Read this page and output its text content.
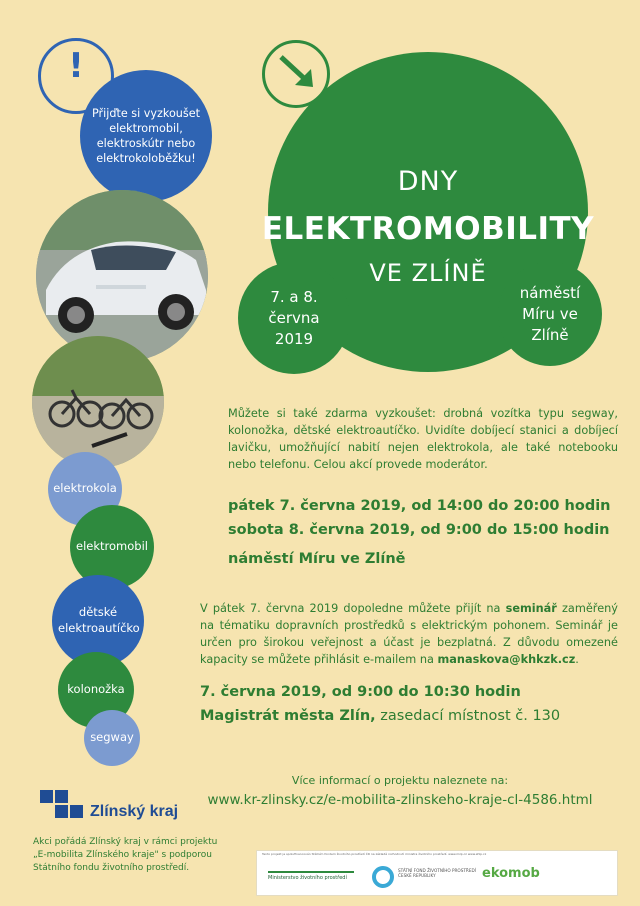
!
Přijďte si vyzkoušet elektromobil, elektroskútr nebo elektrokoloběžku!
DNY
ELEKTROMOBILITY
VE ZLÍNĚ
7. a 8. června 2019
náměstí Míru ve Zlíně
elektrokola
elektromobil
dětské elektroautíčko
kolonožka
segway

Můžete si také zdarma vyzkoušet: drobná vozítka typu segway, kolonožka, dětské elektroautíčko. Uvidíte dobíjecí stanici a dobíjecí lavičku, umožňující nabití nejen elektrokola, ale také notebooku nebo telefonu. Celou akcí provede moderátor.

pátek 7. června 2019, od 14:00 do 20:00 hodin
sobota 8. června 2019, od 9:00 do 15:00 hodin
náměstí Míru ve Zlíně

V pátek 7. června 2019 dopoledne můžete přijít na seminář zaměřený na tématiku dopravních prostředků s elektrickým pohonem. Seminář je určen pro širokou veřejnost a účast je bezplatná. Z důvodu omezené kapacity se můžete přihlásit e-mailem na manaskova@khkzk.cz.

7. června 2019, od 9:00 do 10:30 hodin
Magistrát města Zlín, zasedací místnost č. 130
Více informací o projektu naleznete na:
www.kr-zlinsky.cz/e-mobilita-zlinskeho-kraje-cl-4586.html
Zlínský kraj

Akci pořádá Zlínský kraj v rámci projektu „E-mobilita Zlínského kraje" s podporou Státního fondu životního prostředí.

Tento projekt je spolufinancován Státním fondem životního prostředí ČR na základě rozhodnutí ministra životního prostředí. www.mzp.cz www.sfzp.cz
Ministerstvo životního prostředí
STÁTNÍ FOND ŽIVOTNÍHO PROSTŘEDÍ ČESKÉ REPUBLIKY	ekomob
